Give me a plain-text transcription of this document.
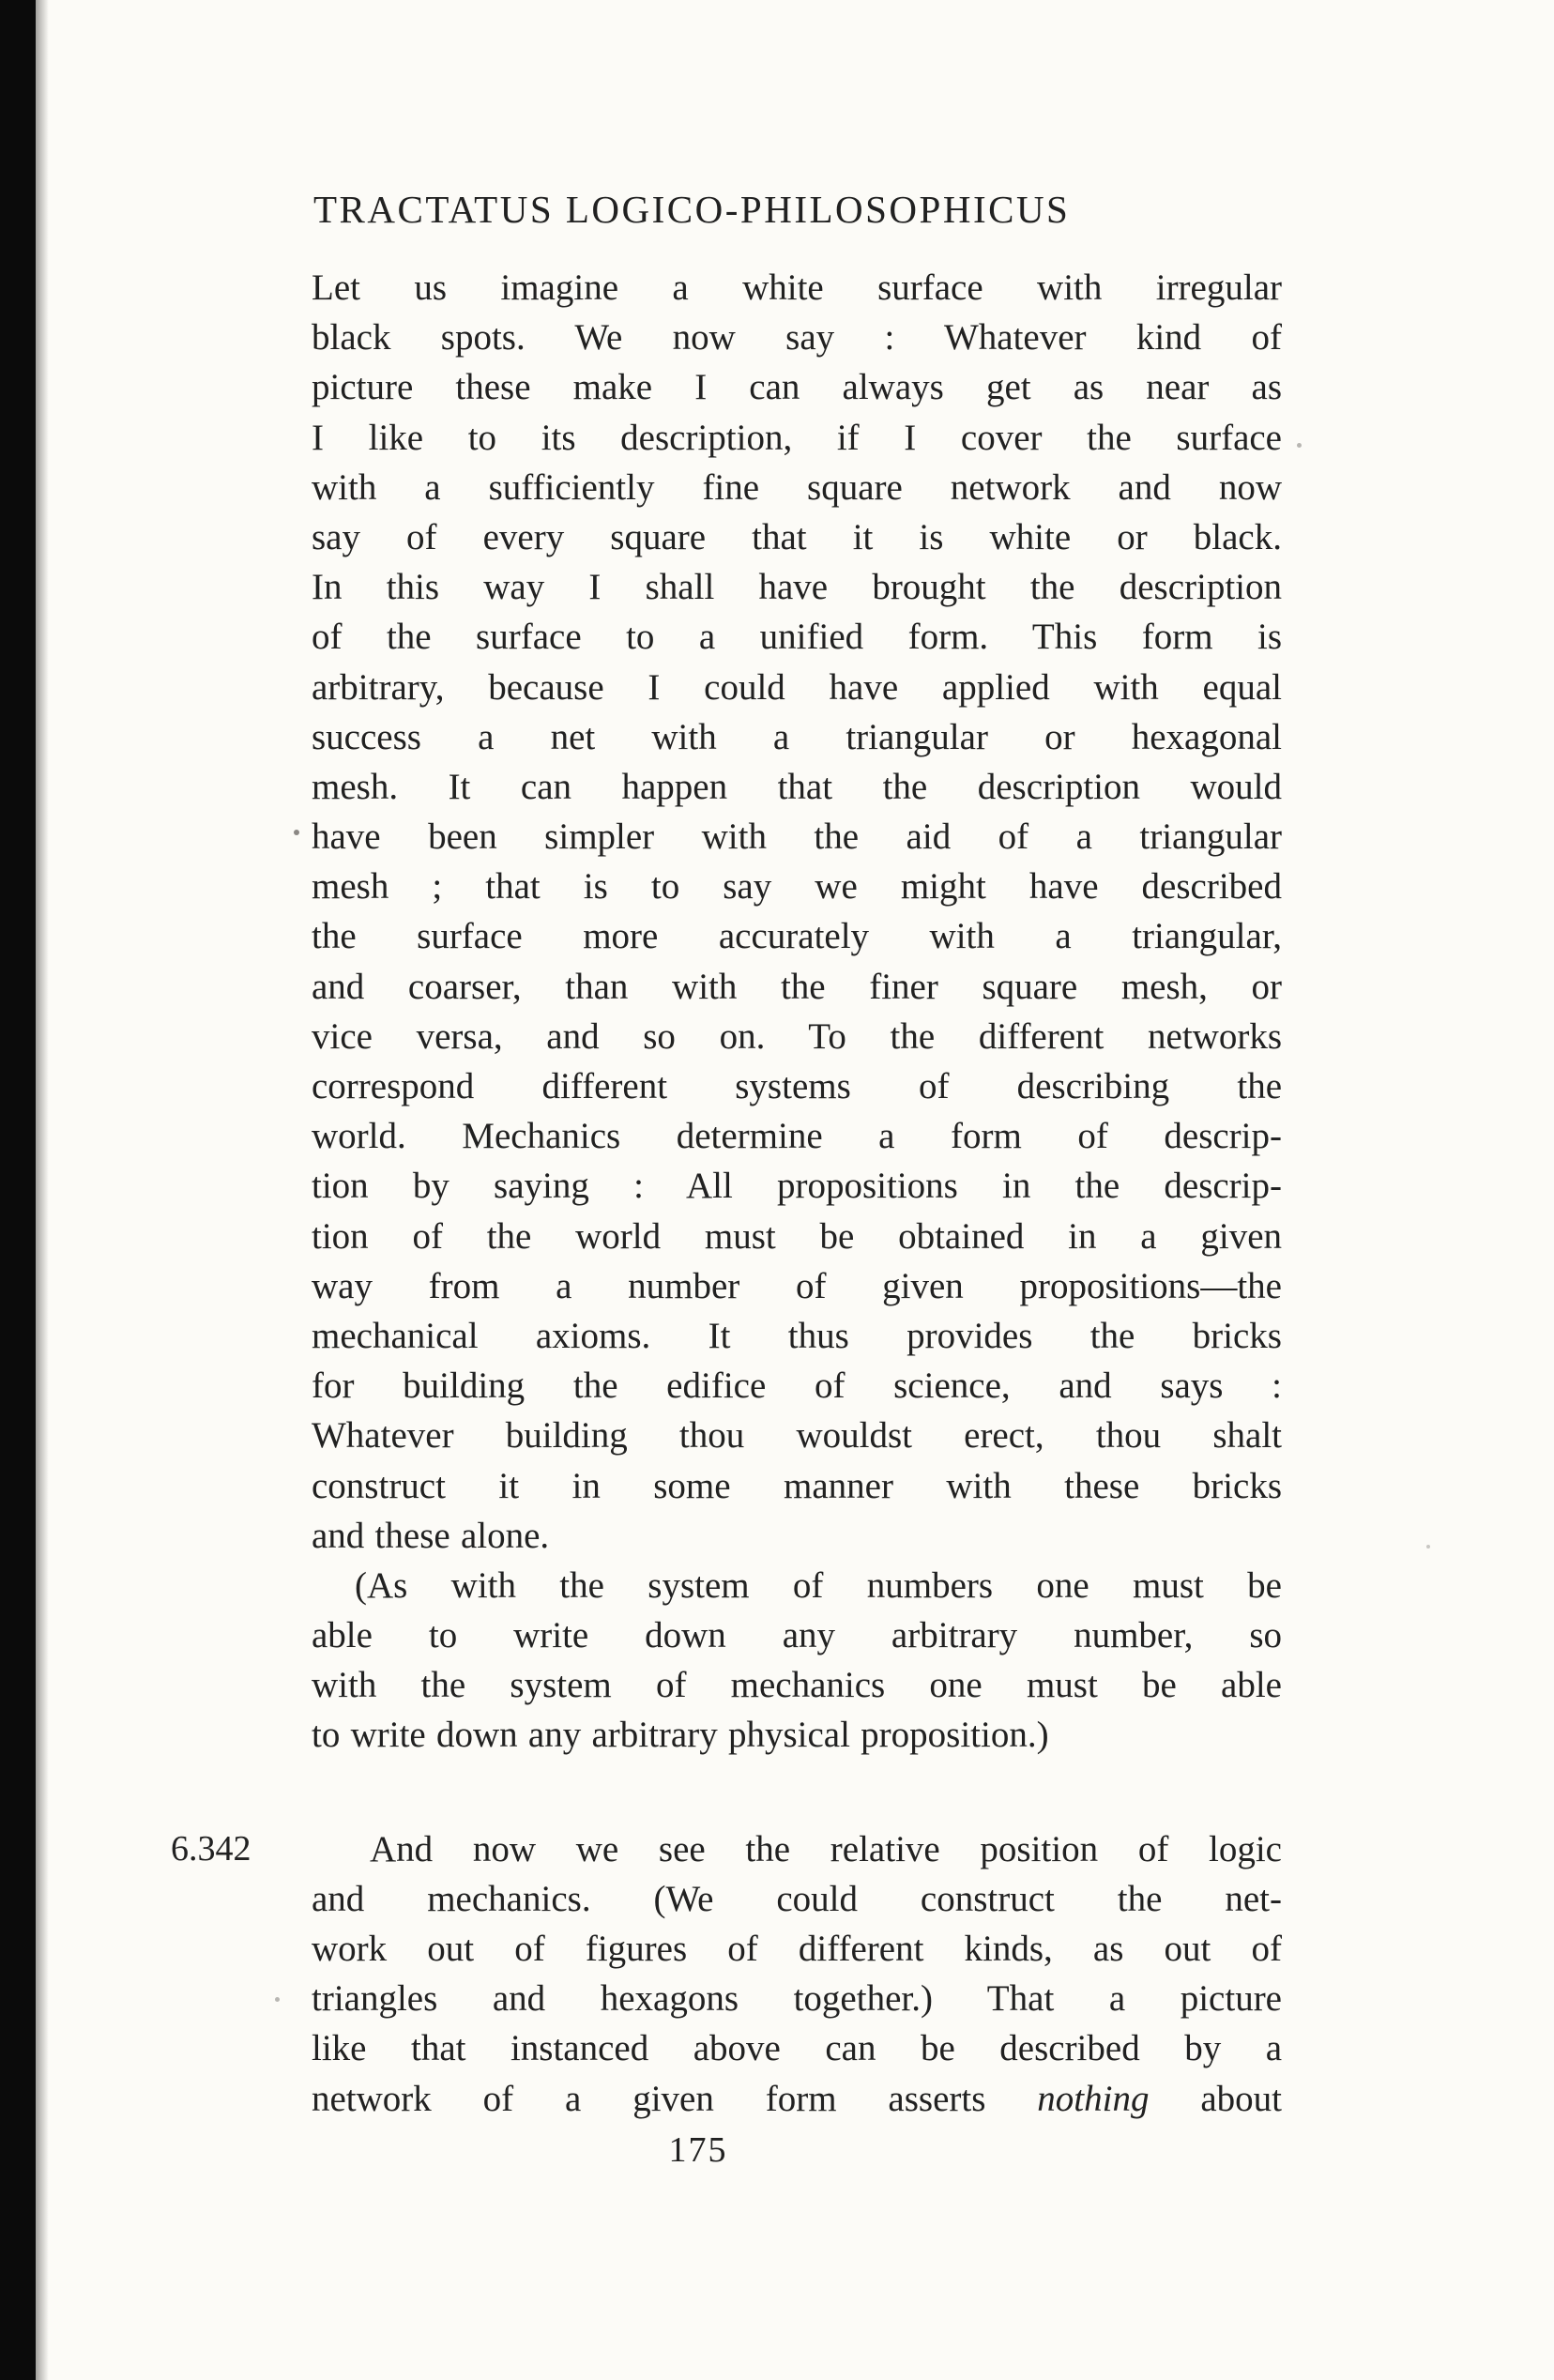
TRACTATUS LOGICO-PHILOSOPHICUS
Let us imagine a white surface with irregular
black spots. We now say : Whatever kind of
picture these make I can always get as near as
I like to its description, if I cover the surface
with a sufficiently fine square network and now
say of every square that it is white or black.
In this way I shall have brought the description
of the surface to a unified form. This form is
arbitrary, because I could have applied with equal
success a net with a triangular or hexagonal
mesh. It can happen that the description would
have been simpler with the aid of a triangular
mesh ; that is to say we might have described
the surface more accurately with a triangular,
and coarser, than with the finer square mesh, or
vice versa, and so on. To the different networks
correspond different systems of describing the
world. Mechanics determine a form of descrip-
tion by saying : All propositions in the descrip-
tion of the world must be obtained in a given
way from a number of given propositions—the
mechanical axioms. It thus provides the bricks
for building the edifice of science, and says :
Whatever building thou wouldst erect, thou shalt
construct it in some manner with these bricks
and these alone.
(As with the system of numbers one must be
able to write down any arbitrary number, so
with the system of mechanics one must be able
to write down any arbitrary physical proposition.)
6.342	And now we see the relative position of logic
and mechanics. (We could construct the net-
work out of figures of different kinds, as out of
triangles and hexagons together.) That a picture
like that instanced above can be described by a
network of a given form asserts nothing about
175
